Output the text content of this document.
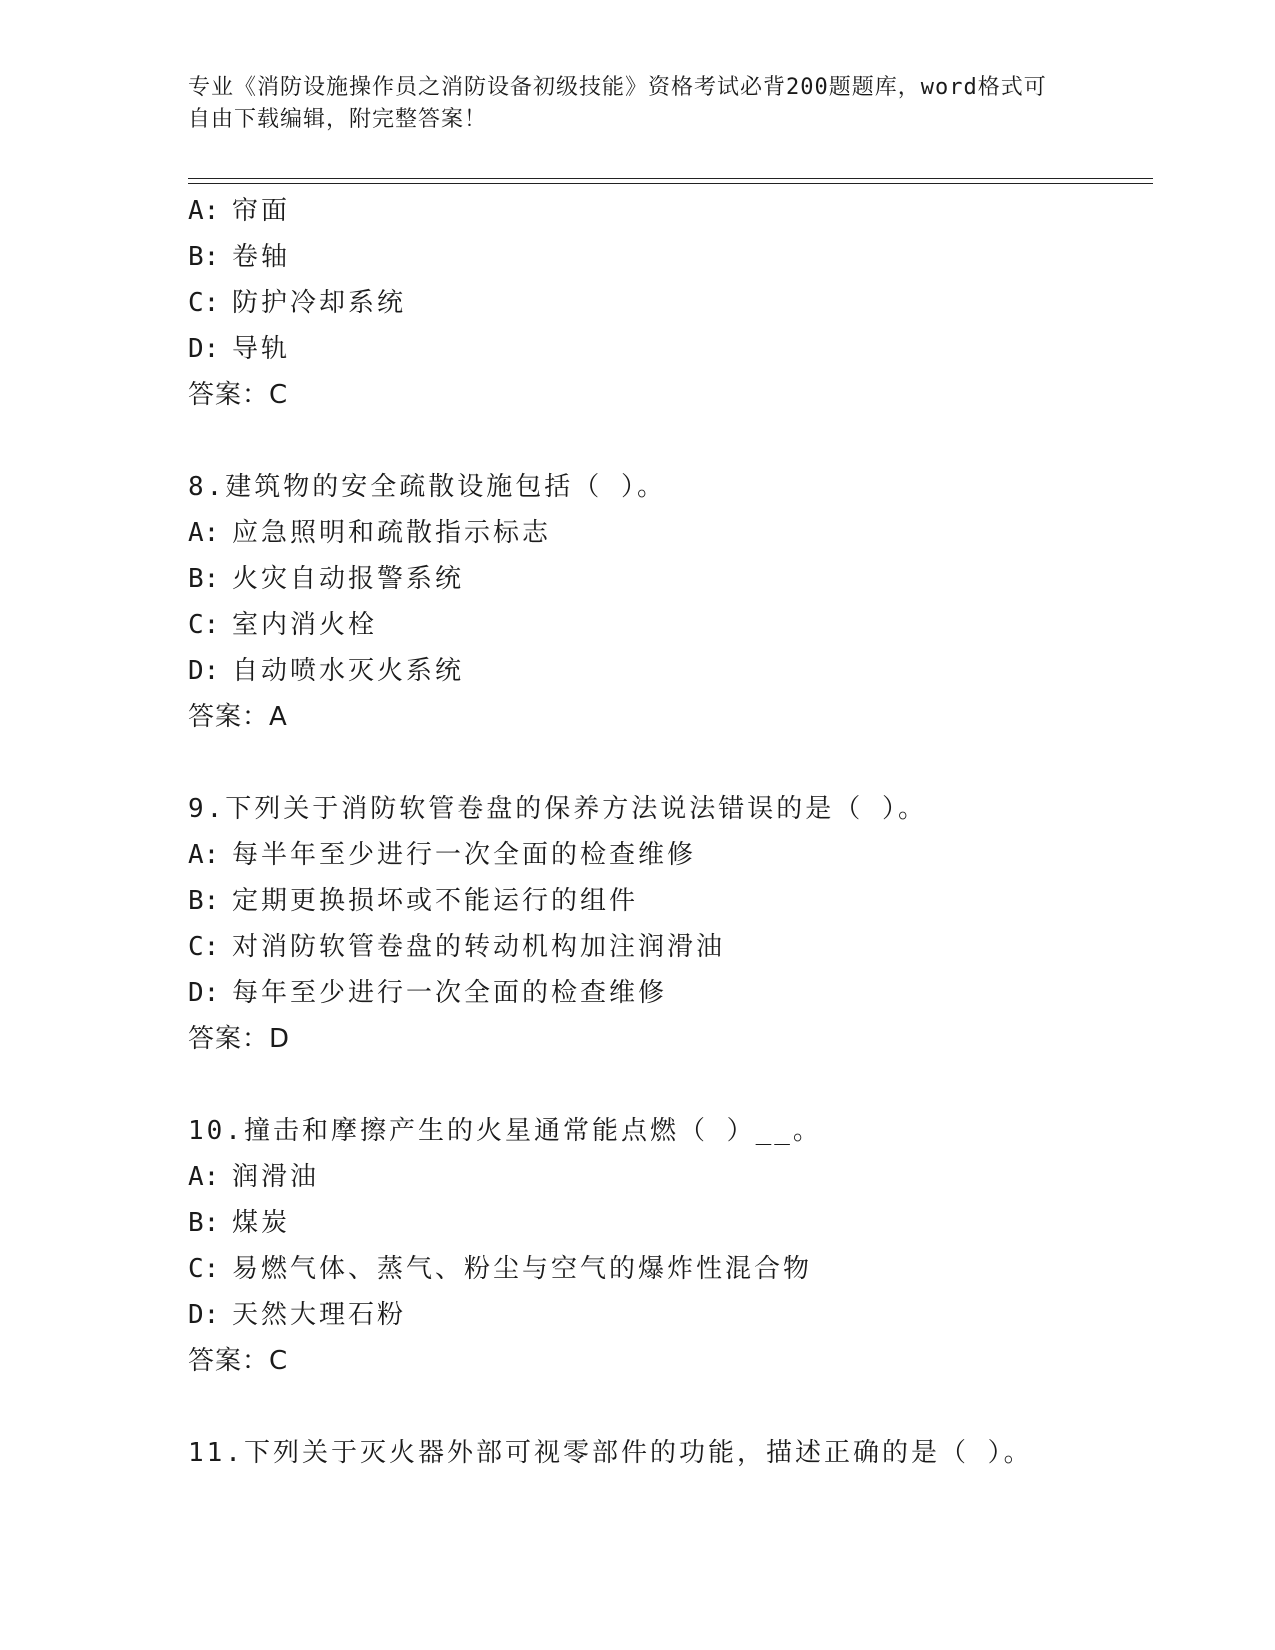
专业《消防设施操作员之消防设备初级技能》资格考试必背200题题库，word格式可自由下载编辑，附完整答案！
A: 帘面
B: 卷轴
C: 防护冷却系统
D: 导轨
答案：C
8.建筑物的安全疏散设施包括（ ）。
A: 应急照明和疏散指示标志
B: 火灾自动报警系统
C: 室内消火栓
D: 自动喷水灭火系统
答案：A
9.下列关于消防软管卷盘的保养方法说法错误的是（ ）。
A: 每半年至少进行一次全面的检查维修
B: 定期更换损坏或不能运行的组件
C: 对消防软管卷盘的转动机构加注润滑油
D: 每年至少进行一次全面的检查维修
答案：D
10.撞击和摩擦产生的火星通常能点燃（ ）__。
A: 润滑油
B: 煤炭
C: 易燃气体、蒸气、粉尘与空气的爆炸性混合物
D: 天然大理石粉
答案：C
11.下列关于灭火器外部可视零部件的功能，描述正确的是（ ）。
